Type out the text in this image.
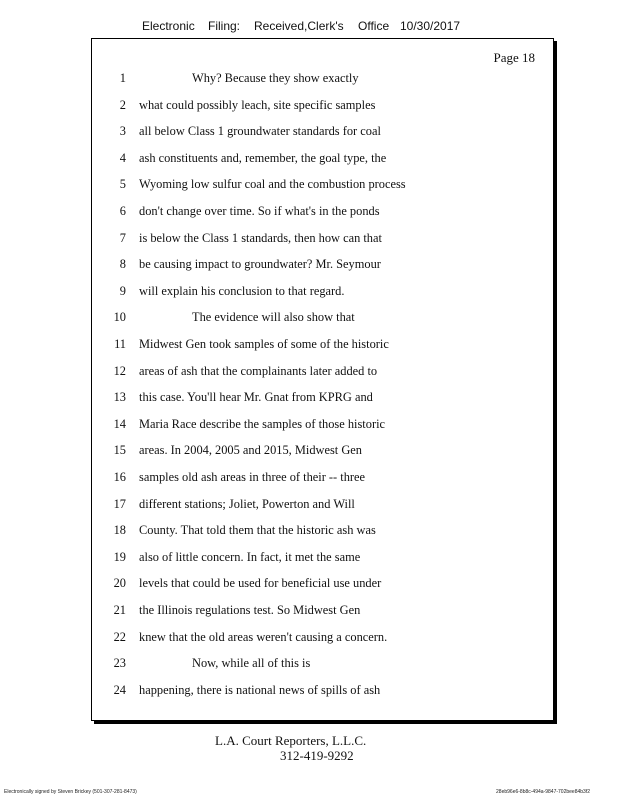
Electronic Filing: Received,Clerk's Office 10/30/2017
Page 18
1	Why? Because they show exactly
2 what could possibly leach, site specific samples
3 all below Class 1 groundwater standards for coal
4 ash constituents and, remember, the goal type, the
5 Wyoming low sulfur coal and the combustion process
6 don't change over time. So if what's in the ponds
7 is below the Class 1 standards, then how can that
8 be causing impact to groundwater? Mr. Seymour
9 will explain his conclusion to that regard.
10	The evidence will also show that
11 Midwest Gen took samples of some of the historic
12 areas of ash that the complainants later added to
13 this case. You'll hear Mr. Gnat from KPRG and
14 Maria Race describe the samples of those historic
15 areas. In 2004, 2005 and 2015, Midwest Gen
16 samples old ash areas in three of their -- three
17 different stations; Joliet, Powerton and Will
18 County. That told them that the historic ash was
19 also of little concern. In fact, it met the same
20 levels that could be used for beneficial use under
21 the Illinois regulations test. So Midwest Gen
22 knew that the old areas weren't causing a concern.
23	Now, while all of this is
24 happening, there is national news of spills of ash
L.A. Court Reporters, L.L.C.
312-419-9292
Electronically signed by Steven Brickey (501-307-281-8473)	28eb96e6-8b8c-494a-9847-702bee84b3f2
